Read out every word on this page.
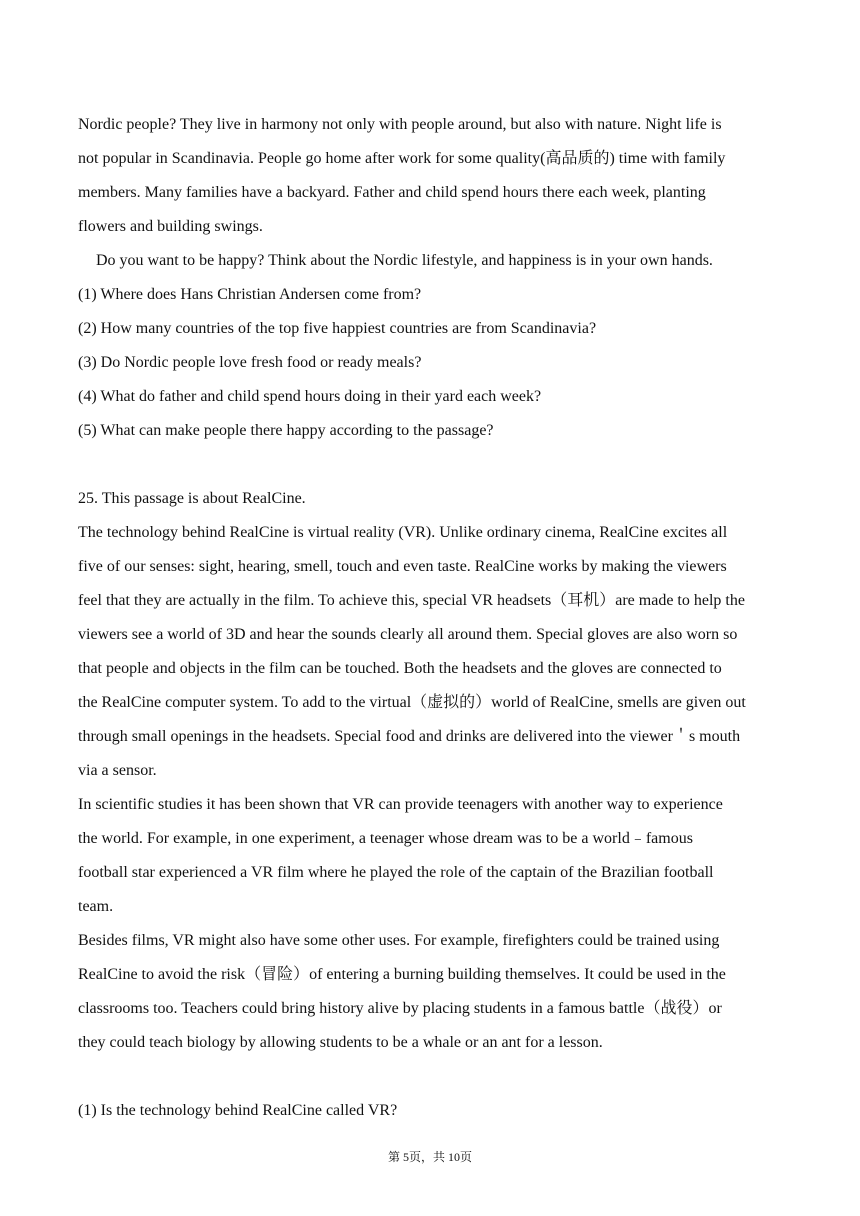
Nordic people? They live in harmony not only with people around, but also with nature. Night life is

not popular in Scandinavia. People go home after work for some quality(高品质的) time with family

members. Many families have a backyard. Father and child spend hours there each week, planting

flowers and building swings.

Do you want to be happy? Think about the Nordic lifestyle, and happiness is in your own hands.

(1) Where does Hans Christian Andersen come from?

(2) How many countries of the top five happiest countries are from Scandinavia?

(3) Do Nordic people love fresh food or ready meals?

(4) What do father and child spend hours doing in their yard each week?

(5) What can make people there happy according to the passage?

25. This passage is about RealCine.

The technology behind RealCine is virtual reality (VR). Unlike ordinary cinema, RealCine excites all

five of our senses: sight, hearing, smell, touch and even taste. RealCine works by making the viewers

feel that they are actually in the film. To achieve this, special VR headsets（耳机）are made to help the

viewers see a world of 3D and hear the sounds clearly all around them. Special gloves are also worn so

that people and objects in the film can be touched. Both the headsets and the gloves are connected to

the RealCine computer system. To add to the virtual（虚拟的）world of RealCine, smells are given out

through small openings in the headsets. Special food and drinks are delivered into the viewer＇s mouth

via a sensor.

In scientific studies it has been shown that VR can provide teenagers with another way to experience

the world. For example, in one experiment, a teenager whose dream was to be a world﹣famous

football star experienced a VR film where he played the role of the captain of the Brazilian football

team.

Besides films, VR might also have some other uses. For example, firefighters could be trained using

RealCine to avoid the risk（冒险）of entering a burning building themselves. It could be used in the

classrooms too. Teachers could bring history alive by placing students in a famous battle（战役）or

they could teach biology by allowing students to be a whale or an ant for a lesson.

(1) Is the technology behind RealCine called VR?

第 5页，共 10页
